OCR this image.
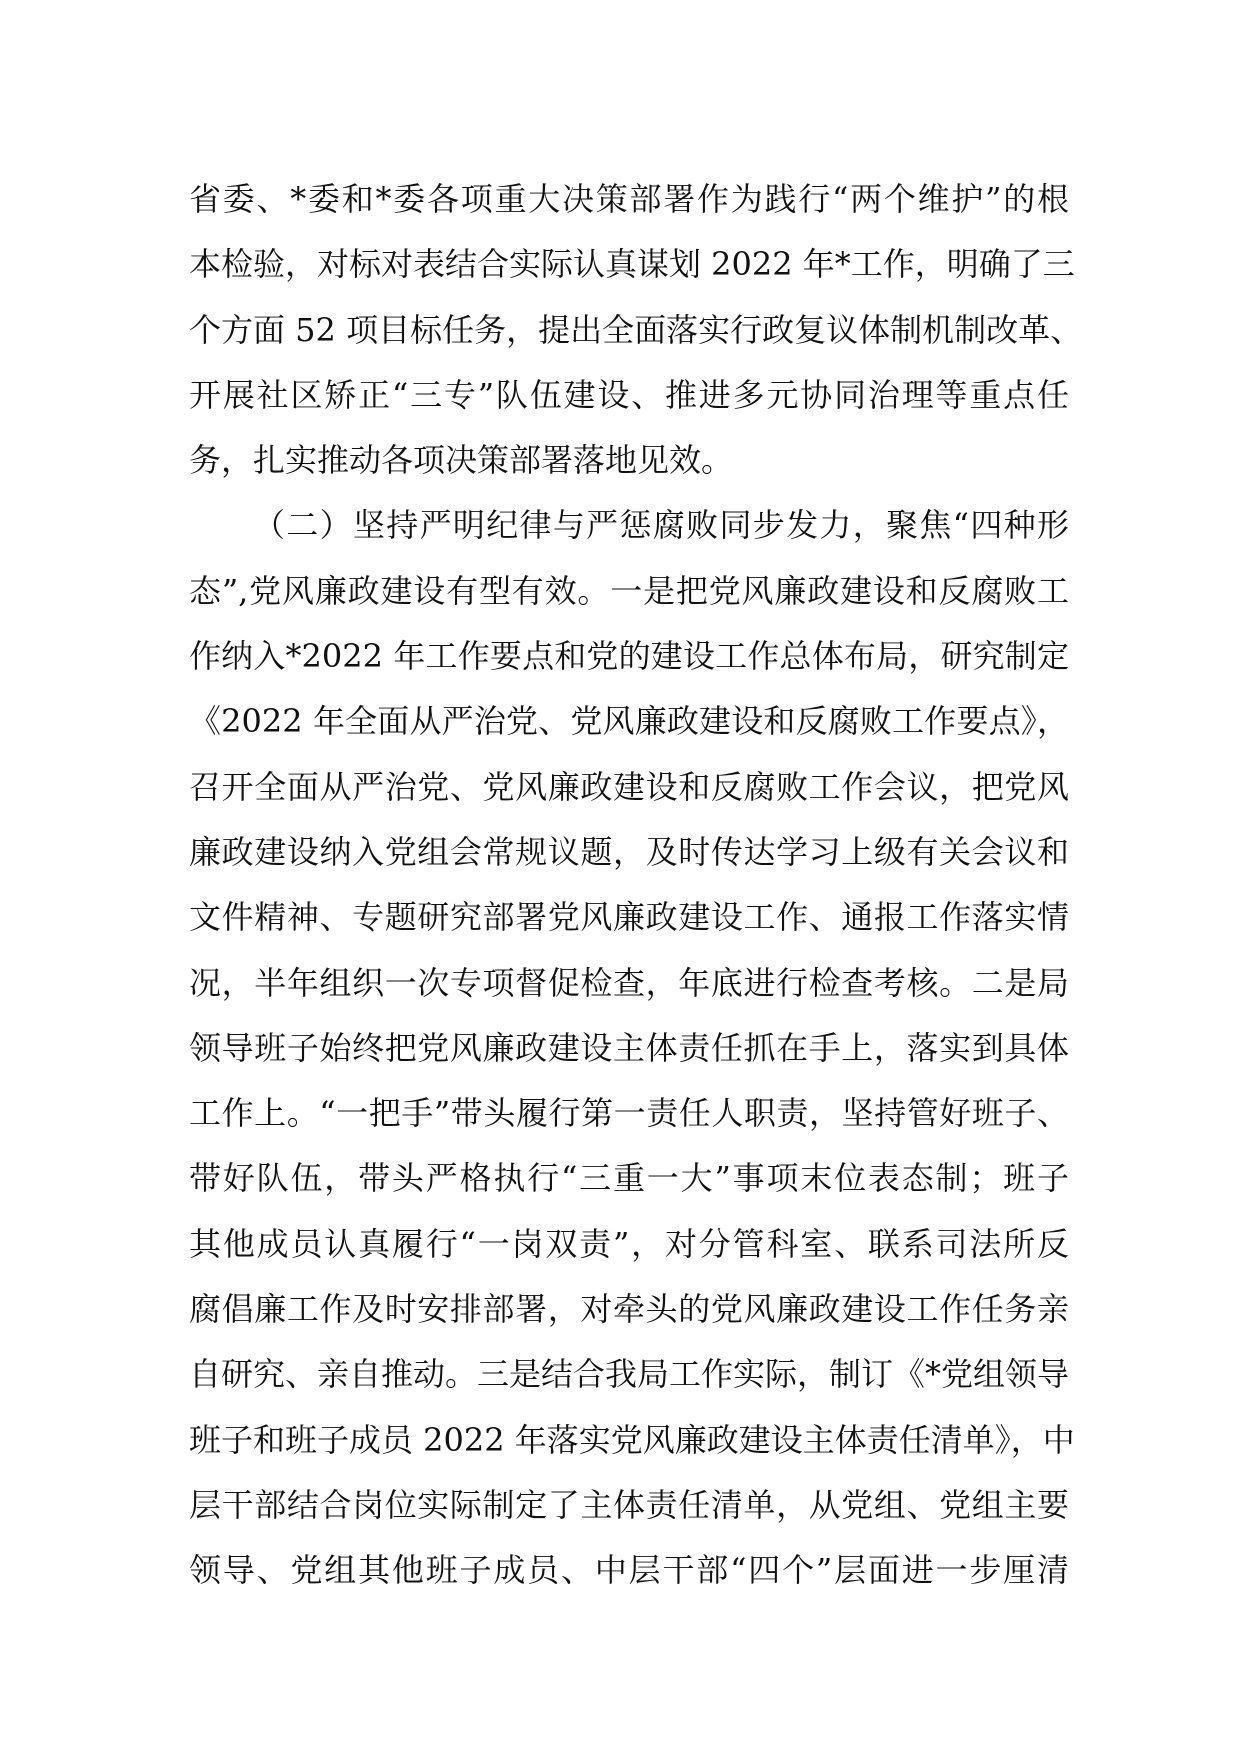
省委、*委和*委各项重大决策部署作为践行“两个维护”的根
本检验，对标对表结合实际认真谋划 2022 年*工作，明确了三
个方面 52 项目标任务，提出全面落实行政复议体制机制改革、
开展社区矫正“三专”队伍建设、推进多元协同治理等重点任
务，扎实推动各项决策部署落地见效。
（二）坚持严明纪律与严惩腐败同步发力，聚焦“四种形
态”,党风廉政建设有型有效。一是把党风廉政建设和反腐败工
作纳入*2022 年工作要点和党的建设工作总体布局，研究制定
《2022 年全面从严治党、党风廉政建设和反腐败工作要点》，
召开全面从严治党、党风廉政建设和反腐败工作会议，把党风
廉政建设纳入党组会常规议题，及时传达学习上级有关会议和
文件精神、专题研究部署党风廉政建设工作、通报工作落实情
况，半年组织一次专项督促检查，年底进行检查考核。二是局
领导班子始终把党风廉政建设主体责任抓在手上，落实到具体
工作上。“一把手”带头履行第一责任人职责，坚持管好班子、
带好队伍，带头严格执行“三重一大”事项末位表态制；班子
其他成员认真履行“一岗双责”，对分管科室、联系司法所反
腐倡廉工作及时安排部署，对牵头的党风廉政建设工作任务亲
自研究、亲自推动。三是结合我局工作实际，制订《*党组领导
班子和班子成员 2022 年落实党风廉政建设主体责任清单》，中
层干部结合岗位实际制定了主体责任清单，从党组、党组主要
领导、党组其他班子成员、中层干部“四个”层面进一步厘清
